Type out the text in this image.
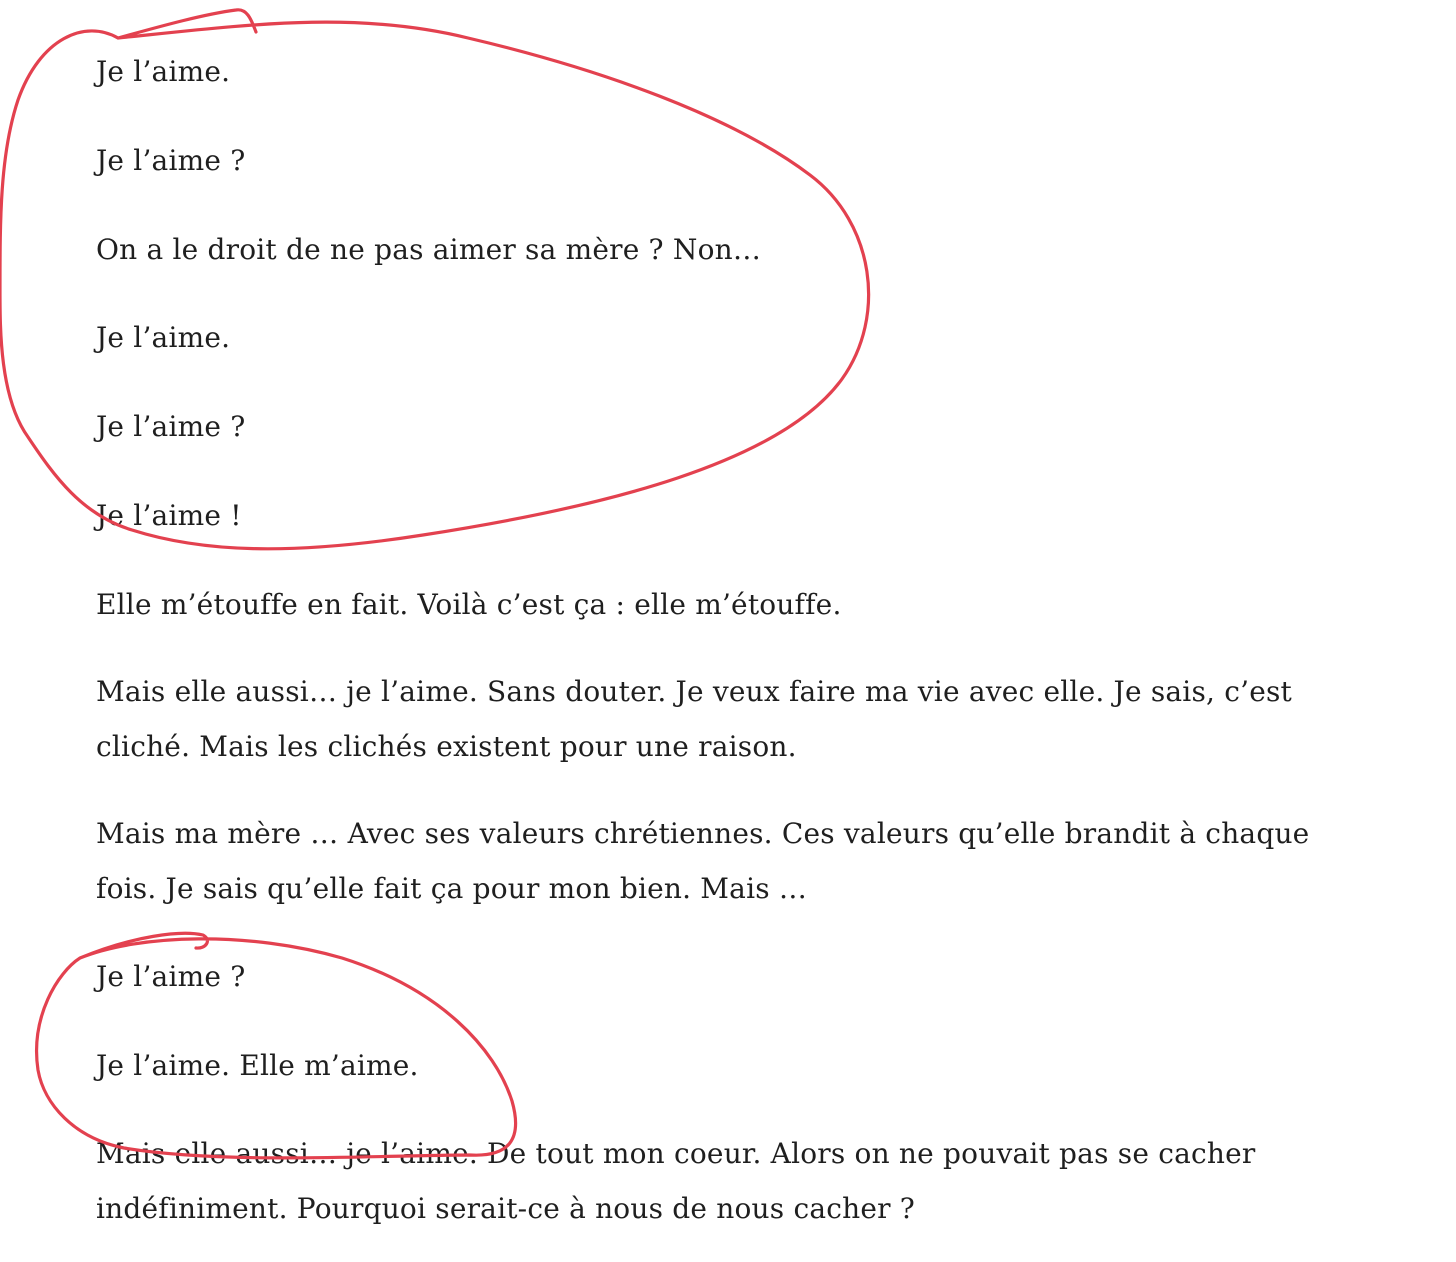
Je l’aime.

Je l’aime ?

On a le droit de ne pas aimer sa mère ? Non…

Je l’aime.

Je l’aime ?

Je l’aime !

Elle m’étouffe en fait. Voilà c’est ça : elle m’étouffe.

Mais elle aussi… je l’aime. Sans douter. Je veux faire ma vie avec elle. Je sais, c’est cliché. Mais les clichés existent pour une raison.

Mais ma mère … Avec ses valeurs chrétiennes. Ces valeurs qu’elle brandit à chaque fois. Je sais qu’elle fait ça pour mon bien. Mais …

Je l’aime ?

Je l’aime. Elle m’aime.

Mais elle aussi… je l’aime. De tout mon coeur. Alors on ne pouvait pas se cacher indéfiniment. Pourquoi serait-ce à nous de nous cacher ?
